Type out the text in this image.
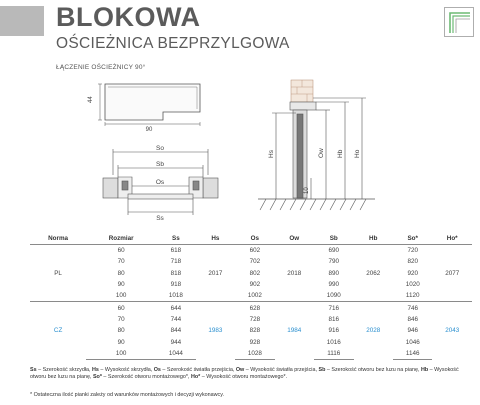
BLOKOWA
OŚCIEŻNICA BEZPRZYLGOWA
ŁĄCZENIE OŚCIEŻNICY 90°
44
90
So
Sb
Os
Ss
Hs	Ow Hb Ho
10
Norma	Rozmiar	Ss	Hs	Os	Ow	Sb	Hb	So*	Ho*
PL	60	618	2017	602	2018	690	2062	720	2077
	70	718		702		790		820	
	80	818		802		890		920	
	90	918		902		990		1020	
	100	1018		1002		1090		1120	
CZ	60	644	1983	628	1984	716	2028	746	2043
	70	744		728		816		846	
	80	844		828		916		946	
	90	944		928		1016		1046	
	100	1044		1028		1116		1146	
Ss – Szerokość skrzydła, Hs – Wysokość skrzydła, Os – Szerokość światła przejścia, Ow – Wysokość światła przejścia, Sb – Szerokość otworu bez luzu na pianę, Hb – Wysokość otworu bez luzu na pianę, So* – Szerokość otworu montażowego*, Ho* – Wysokość otworu montażowego*.
* Ostateczna ilość pianki zależy od warunków montażowych i decyzji wykonawcy.
